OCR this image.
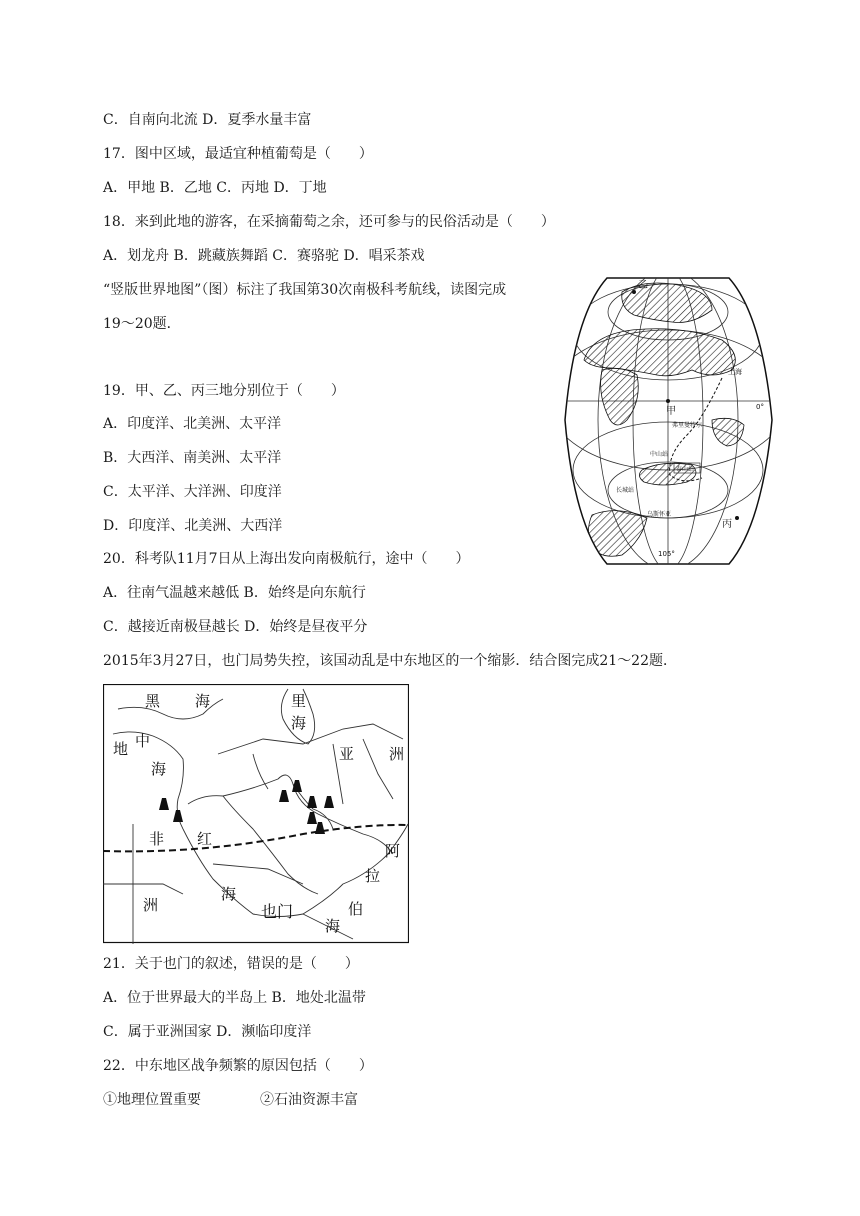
C．自南向北流 D．夏季水量丰富
17．图中区域，最适宜种植葡萄是（　　）
A．甲地 B．乙地 C．丙地 D．丁地
18．来到此地的游客，在采摘葡萄之余，还可参与的民俗活动是（　　）
A．划龙舟 B．跳藏族舞蹈 C．赛骆驼 D．唱采茶戏
“竖版世界地图”（图）标注了我国第30次南极科考航线，读图完成
19～20题．
19．甲、乙、丙三地分别位于（　　）
A．印度洋、北美洲、太平洋
B．大西洋、南美洲、太平洋
C．太平洋、大洋洲、印度洋
D．印度洋、北美洲、大西洋
20．科考队11月7日从上海出发向南极航行，途中（　　）
A．往南气温越来越低 B．始终是向东航行
C．越接近南极昼越长 D．始终是昼夜平分
2015年3月27日，也门局势失控，该国动乱是中东地区的一个缩影．结合图完成21～22题．
21．关于也门的叙述，错误的是（　　）
A．位于世界最大的半岛上 B．地处北温带
C．属于亚洲国家 D．濒临印度洋
22．中东地区战争频繁的原因包括（　　）
①地理位置重要	②石油资源丰富
乙
甲
丙
上海
0°
弗里曼特尔
中山站
泰山站
长城站
乌斯怀亚
105°
黑 海	里
海
地 中
海
亚 洲
非 红
洲
海
阿
拉
伯
海
也门
